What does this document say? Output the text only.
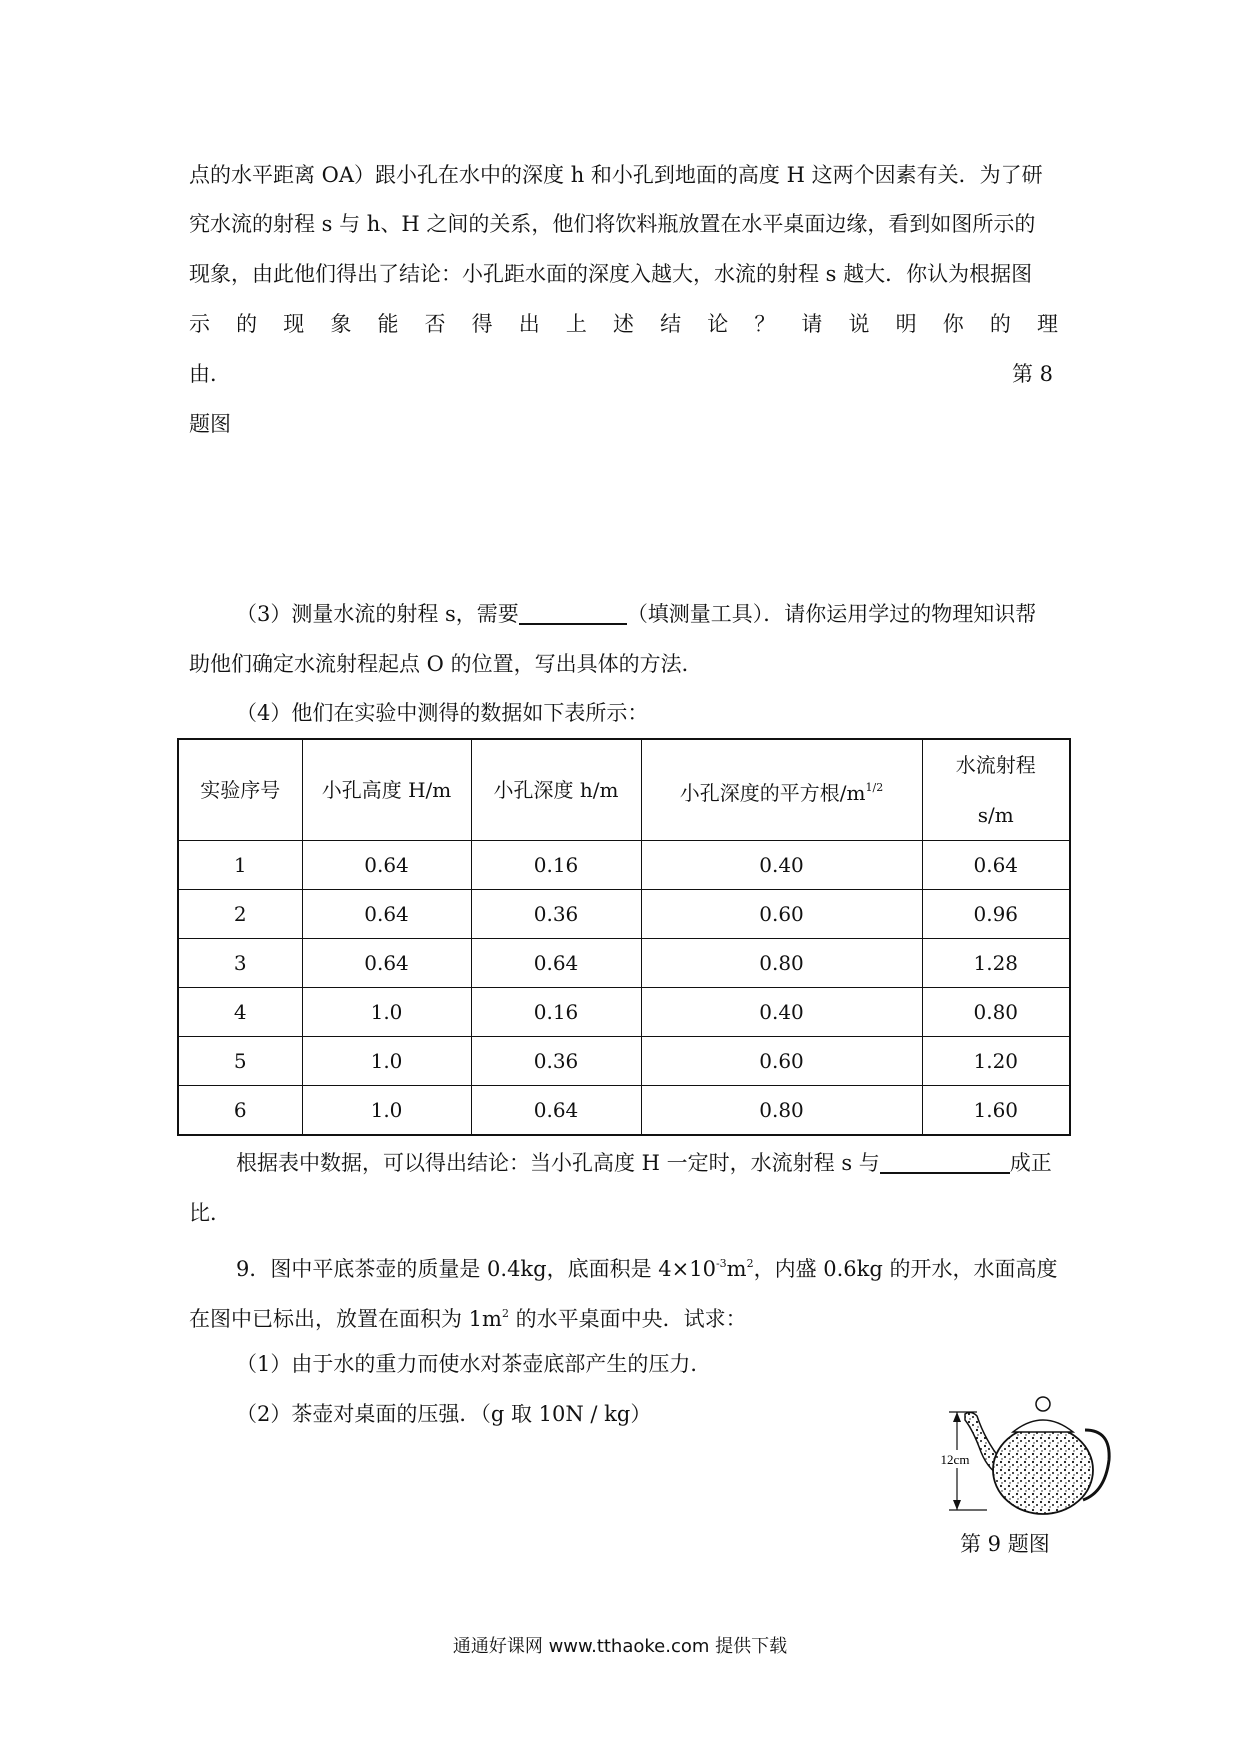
点的水平距离 OA）跟小孔在水中的深度 h 和小孔到地面的高度 H 这两个因素有关．为了研
究水流的射程 s 与 h、H 之间的关系，他们将饮料瓶放置在水平桌面边缘，看到如图所示的
现象，由此他们得出了结论：小孔距水面的深度入越大，水流的射程 s 越大．你认为根据图
示 的 现 象 能 否 得 出 上 述 结 论 ？ 请 说 明 你 的 理
由．	第 8
题图
（3）测量水流的射程 s，需要	（填测量工具）．请你运用学过的物理知识帮
助他们确定水流射程起点 O 的位置，写出具体的方法．
（4）他们在实验中测得的数据如下表所示：
实验序号	小孔高度 H/m	小孔深度 h/m	小孔深度的平方根$/m^{1/2}$	水流射程
s/m

1	0.64	0.16	0.40	0.64
2	0.64	0.36	0.60	0.96
3	0.64	0.64	0.80	1.28
4	1.0	0.16	0.40	0.80
5	1.0	0.36	0.60	1.20
6	1.0	0.64	0.80	1.60
根据表中数据，可以得出结论：当小孔高度 H 一定时，水流射程 s 与	成正
比．
9．图中平底茶壶的质量是 0.4kg，底面积是 $4\times 10^{-3}m^2$，内盛 0.6kg 的开水，水面高度
在图中已标出，放置在面积为 $1m^2$ 的水平桌面中央．试求：
（1）由于水的重力而使水对茶壶底部产生的压力．
（2）茶壶对桌面的压强．（g 取 10N / kg）
12cm
第 9 题图
通通好课网 www.tthaoke.com 提供下载
